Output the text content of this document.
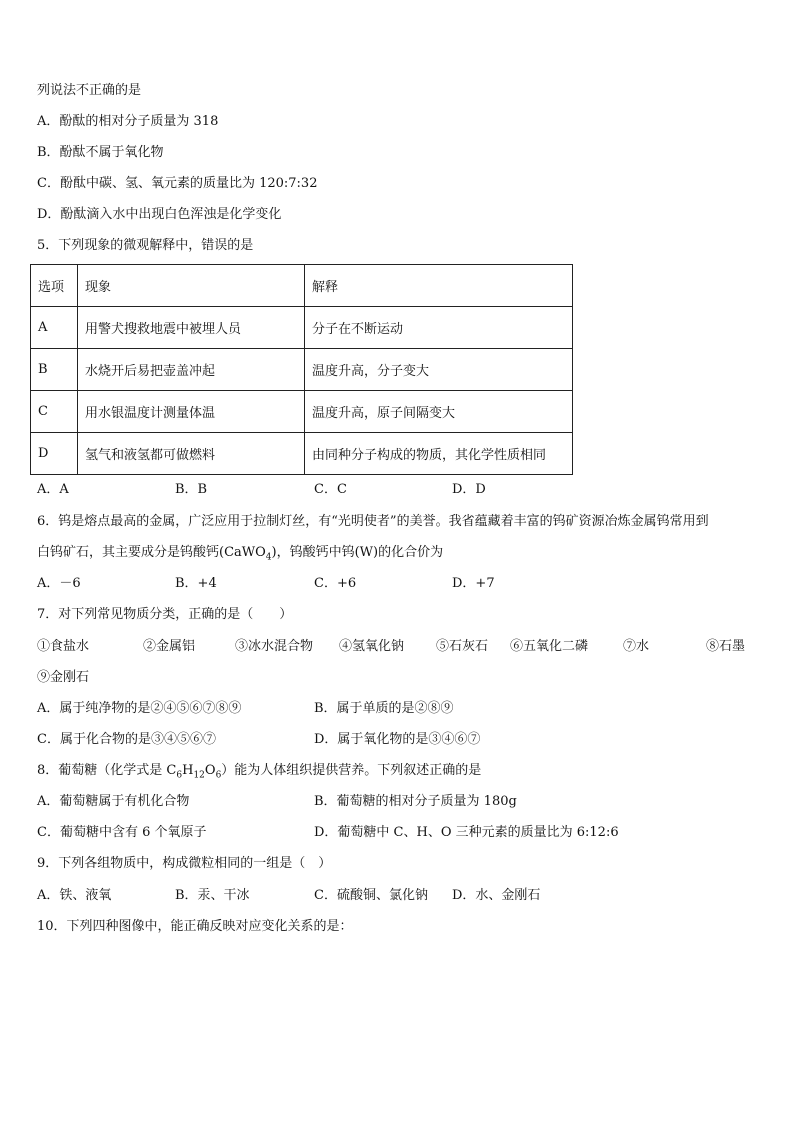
列说法不正确的是
A．酚酞的相对分子质量为 318
B．酚酞不属于氧化物
C．酚酞中碳、氢、氧元素的质量比为 120:7:32
D．酚酞滴入水中出现白色浑浊是化学变化
5．下列现象的微观解释中，错误的是
选项	现象	解释
A	用警犬搜救地震中被埋人员	分子在不断运动
B	水烧开后易把壶盖冲起	温度升高，分子变大
C	用水银温度计测量体温	温度升高，原子间隔变大
D	氢气和液氢都可做燃料	由同种分子构成的物质，其化学性质相同
A．A	B．B	C．C	D．D
6．钨是熔点最高的金属，广泛应用于拉制灯丝，有“光明使者”的美誉。我省蕴藏着丰富的钨矿资源冶炼金属钨常用到
白钨矿石，其主要成分是钨酸钙(CaWO$_4$)，钨酸钙中钨(W)的化合价为
A．－6	B．+4	C．+6	D．+7
7．对下列常见物质分类，正确的是（　　）
①食盐水	②金属铝	③冰水混合物 ④氢氧化钠 ⑤石灰石 ⑥五氧化二磷	⑦水	⑧石墨
⑨金刚石
A．属于纯净物的是②④⑤⑥⑦⑧⑨	B．属于单质的是②⑧⑨
C．属于化合物的是③④⑤⑥⑦	D．属于氧化物的是③④⑥⑦
8．葡萄糖（化学式是 $C_6H_{12}O_6$）能为人体组织提供营养。下列叙述正确的是
A．葡萄糖属于有机化合物	B．葡萄糖的相对分子质量为 180g
C．葡萄糖中含有 6 个氧原子	D．葡萄糖中 C、H、O 三种元素的质量比为 6:12:6
9．下列各组物质中，构成微粒相同的一组是（　）
A．铁、液氧	B．汞、干冰	C．硫酸铜、氯化钠 D．水、金刚石
10．下列四种图像中，能正确反映对应变化关系的是：
